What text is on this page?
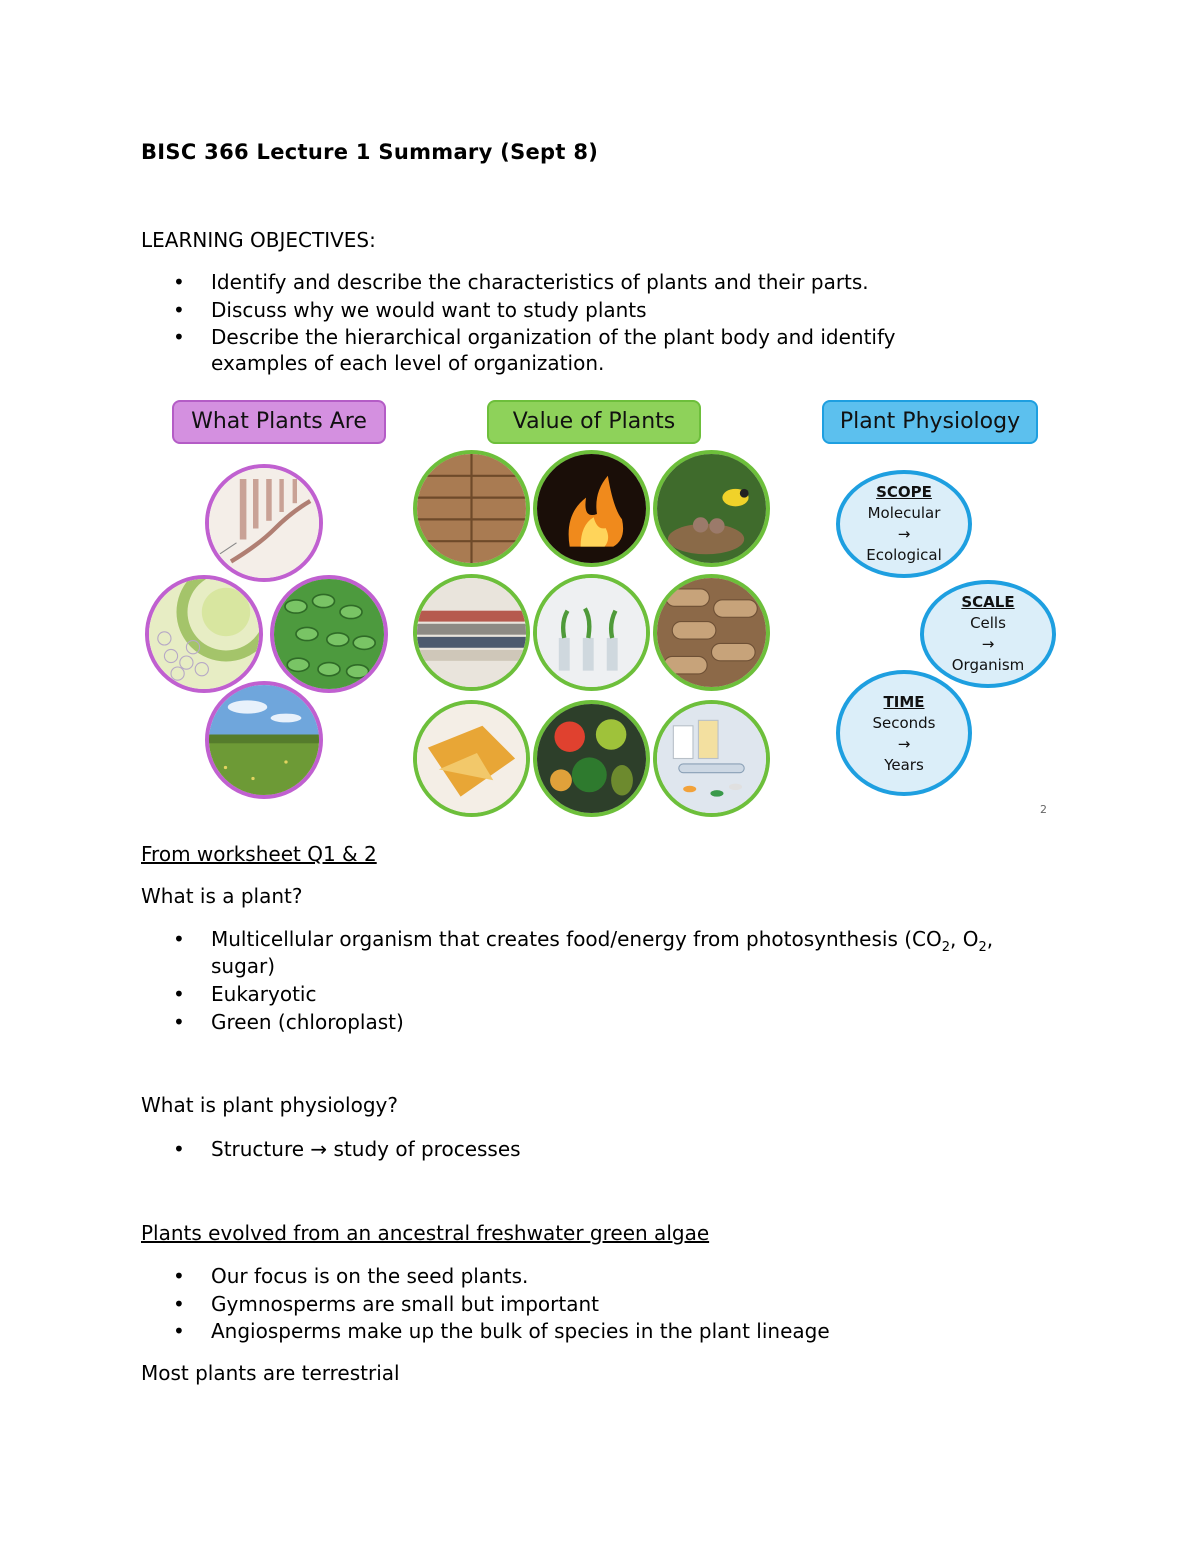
BISC 366 Lecture 1 Summary (Sept 8)
LEARNING OBJECTIVES:
• Identify and describe the characteristics of plants and their parts.
• Discuss why we would want to study plants
• Describe the hierarchical organization of the plant body and identify
examples of each level of organization.
What Plants Are	Value of Plants	Plant Physiology
SCOPE
Molecular
→
Ecological
SCALE
Cells
→
Organism
TIME
Seconds
→
Years
2
From worksheet Q1 & 2
What is a plant?
• Multicellular organism that creates food/energy from photosynthesis ($CO_2$, $O_2$,
sugar)
• Eukaryotic
• Green (chloroplast)
What is plant physiology?
• Structure → study of processes
Plants evolved from an ancestral freshwater green algae
• Our focus is on the seed plants.
• Gymnosperms are small but important
• Angiosperms make up the bulk of species in the plant lineage
Most plants are terrestrial
